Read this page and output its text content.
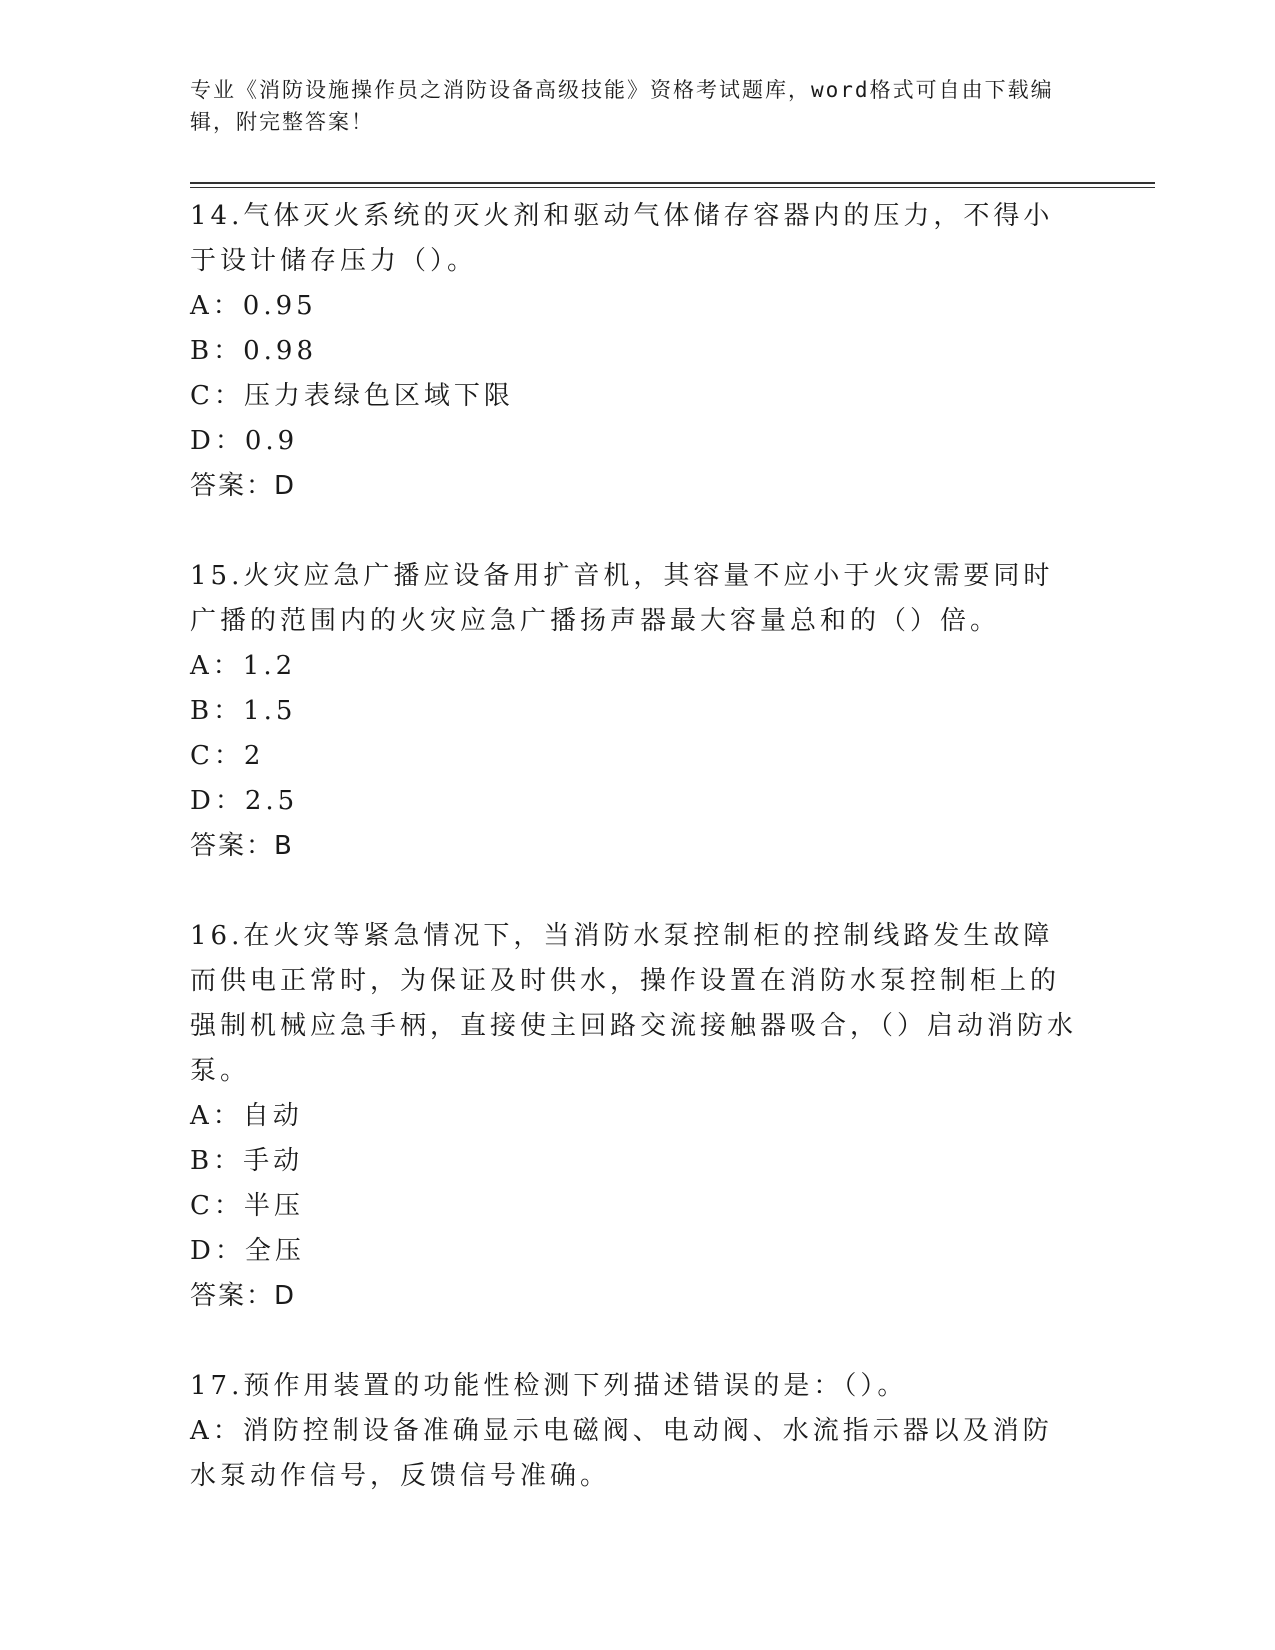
专业《消防设施操作员之消防设备高级技能》资格考试题库，word格式可自由下载编辑，附完整答案！

14.气体灭火系统的灭火剂和驱动气体储存容器内的压力，不得小于设计储存压力（）。

A：0.95

B：0.98

C：压力表绿色区域下限

D：0.9

答案：D

15.火灾应急广播应设备用扩音机，其容量不应小于火灾需要同时广播的范围内的火灾应急广播扬声器最大容量总和的（）倍。

A：1.2

B：1.5

C：2

D：2.5

答案：B

16.在火灾等紧急情况下，当消防水泵控制柜的控制线路发生故障而供电正常时，为保证及时供水，操作设置在消防水泵控制柜上的强制机械应急手柄，直接使主回路交流接触器吸合，（）启动消防水泵。

A：自动

B：手动

C：半压

D：全压

答案：D

17.预作用装置的功能性检测下列描述错误的是：（）。

A：消防控制设备准确显示电磁阀、电动阀、水流指示器以及消防水泵动作信号，反馈信号准确。
